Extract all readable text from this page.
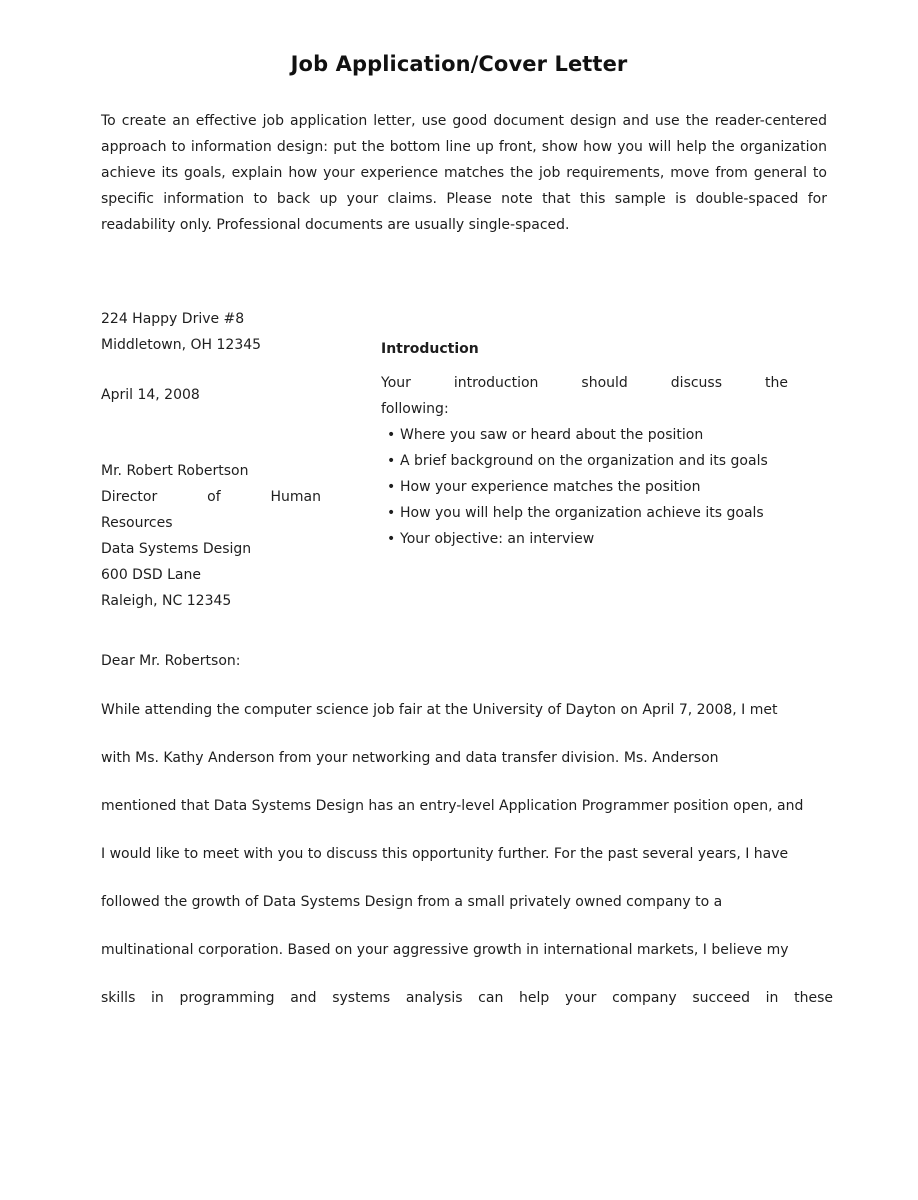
Job Application/Cover Letter

To create an effective job application letter, use good document design and use the reader-centered approach to information design: put the bottom line up front, show how you will help the organization achieve its goals, explain how your experience matches the job requirements, move from general to specific information to back up your claims. Please note that this sample is double-spaced for readability only. Professional documents are usually single-spaced.

224 Happy Drive #8
Middletown, OH 12345
April 14, 2008
Mr. Robert Robertson
Director of Human
Resources
Data Systems Design
600 DSD Lane
Raleigh, NC 12345
Introduction
Your introduction should discuss the
following:
• Where you saw or heard about the position
• A brief background on the organization and its goals
• How your experience matches the position
• How you will help the organization achieve its goals
• Your objective: an interview
Dear Mr. Robertson:

While attending the computer science job fair at the University of Dayton on April 7, 2008, I met

with Ms. Kathy Anderson from your networking and data transfer division. Ms. Anderson

mentioned that Data Systems Design has an entry-level Application Programmer position open, and

I would like to meet with you to discuss this opportunity further. For the past several years, I have

followed the growth of Data Systems Design from a small privately owned company to a

multinational corporation. Based on your aggressive growth in international markets, I believe my

skills in programming and systems analysis can help your company succeed in these
